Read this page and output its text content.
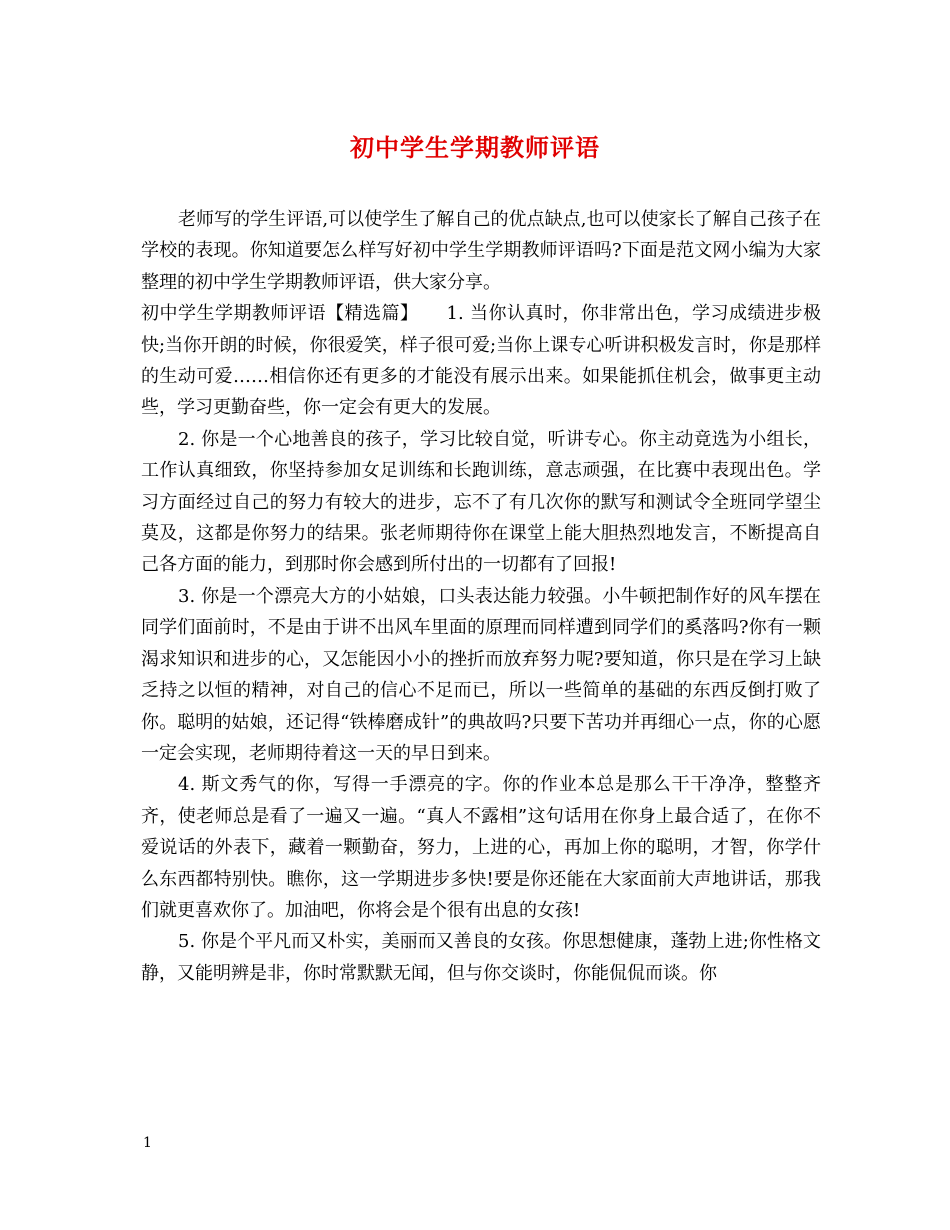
初中学生学期教师评语

老师写的学生评语,可以使学生了解自己的优点缺点,也可以使家长了解自己孩子在学校的表现。你知道要怎么样写好初中学生学期教师评语吗?下面是范文网小编为大家整理的初中学生学期教师评语，供大家分享。

初中学生学期教师评语【精选篇】　　1. 当你认真时，你非常出色，学习成绩进步极快;当你开朗的时候，你很爱笑，样子很可爱;当你上课专心听讲积极发言时，你是那样的生动可爱……相信你还有更多的才能没有展示出来。如果能抓住机会，做事更主动些，学习更勤奋些，你一定会有更大的发展。

2. 你是一个心地善良的孩子，学习比较自觉，听讲专心。你主动竟选为小组长，工作认真细致，你坚持参加女足训练和长跑训练，意志顽强，在比赛中表现出色。学习方面经过自己的努力有较大的进步，忘不了有几次你的默写和测试令全班同学望尘莫及，这都是你努力的结果。张老师期待你在课堂上能大胆热烈地发言，不断提高自己各方面的能力，到那时你会感到所付出的一切都有了回报!

3. 你是一个漂亮大方的小姑娘，口头表达能力较强。小牛顿把制作好的风车摆在同学们面前时，不是由于讲不出风车里面的原理而同样遭到同学们的奚落吗?你有一颗渴求知识和进步的心，又怎能因小小的挫折而放弃努力呢?要知道，你只是在学习上缺乏持之以恒的精神，对自己的信心不足而已，所以一些简单的基础的东西反倒打败了你。聪明的姑娘，还记得“铁棒磨成针”的典故吗?只要下苦功并再细心一点，你的心愿一定会实现，老师期待着这一天的早日到来。

4. 斯文秀气的你，写得一手漂亮的字。你的作业本总是那么干干净净，整整齐齐，使老师总是看了一遍又一遍。“真人不露相”这句话用在你身上最合适了，在你不爱说话的外表下，藏着一颗勤奋，努力，上进的心，再加上你的聪明，才智，你学什么东西都特别快。瞧你，这一学期进步多快!要是你还能在大家面前大声地讲话，那我们就更喜欢你了。加油吧，你将会是个很有出息的女孩!

5. 你是个平凡而又朴实，美丽而又善良的女孩。你思想健康，蓬勃上进;你性格文静，又能明辨是非，你时常默默无闻，但与你交谈时，你能侃侃而谈。你

1
